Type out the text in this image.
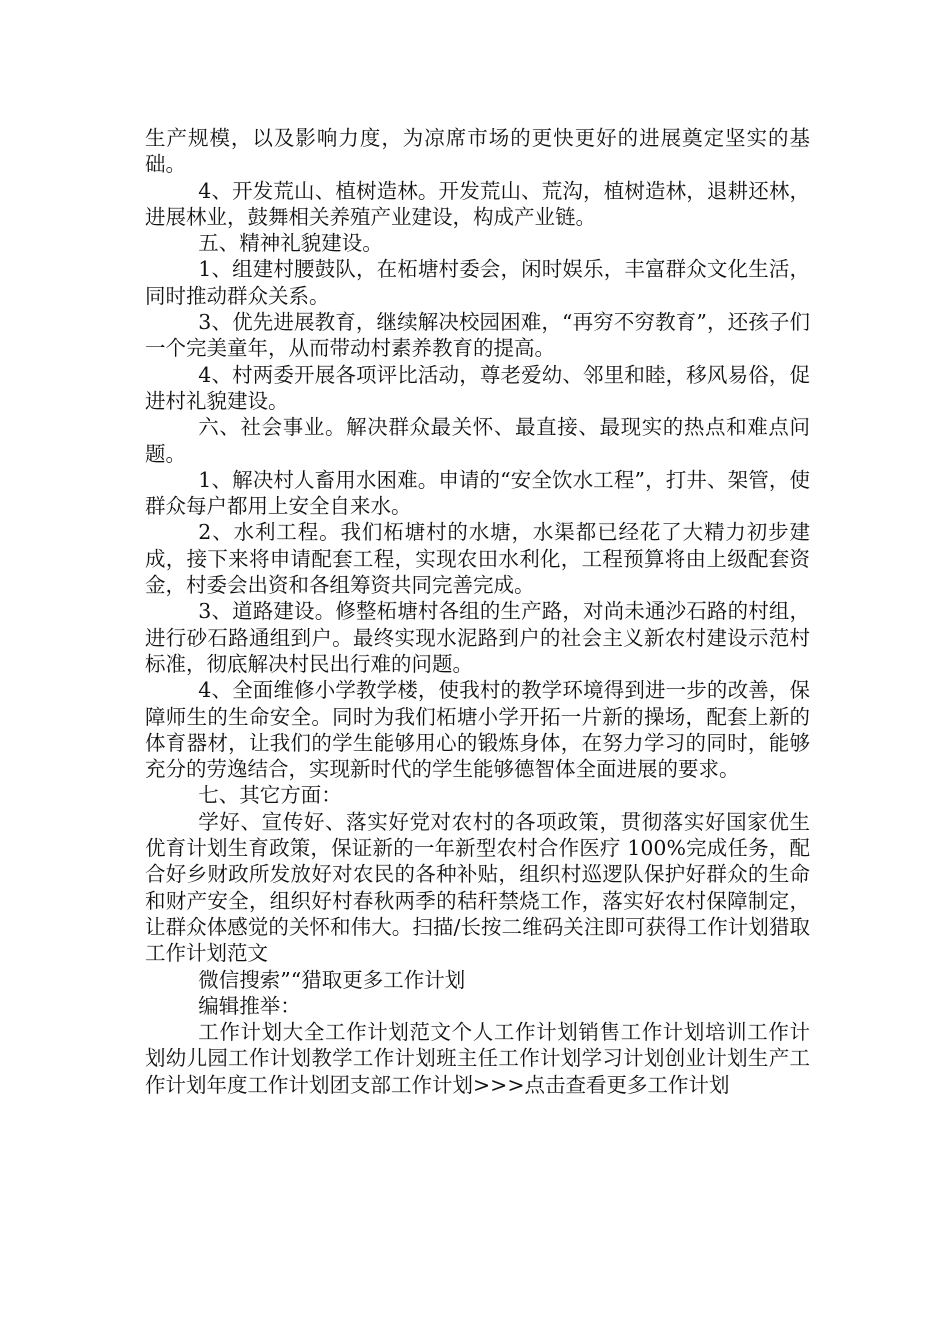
生产规模，以及影响力度，为凉席市场的更快更好的进展奠定坚实的基础。

4、开发荒山、植树造林。开发荒山、荒沟，植树造林，退耕还林，进展林业，鼓舞相关养殖产业建设，构成产业链。

五、精神礼貌建设。

1、组建村腰鼓队，在柘塘村委会，闲时娱乐，丰富群众文化生活，同时推动群众关系。

3、优先进展教育，继续解决校园困难，“再穷不穷教育”，还孩子们一个完美童年，从而带动村素养教育的提高。

4、村两委开展各项评比活动，尊老爱幼、邻里和睦，移风易俗，促进村礼貌建设。

六、社会事业。解决群众最关怀、最直接、最现实的热点和难点问题。

1、解决村人畜用水困难。申请的“安全饮水工程”，打井、架管，使群众每户都用上安全自来水。

2、水利工程。我们柘塘村的水塘，水渠都已经花了大精力初步建成，接下来将申请配套工程，实现农田水利化，工程预算将由上级配套资金，村委会出资和各组筹资共同完善完成。

3、道路建设。修整柘塘村各组的生产路，对尚未通沙石路的村组，进行砂石路通组到户。最终实现水泥路到户的社会主义新农村建设示范村标准，彻底解决村民出行难的问题。

4、全面维修小学教学楼，使我村的教学环境得到进一步的改善，保障师生的生命安全。同时为我们柘塘小学开拓一片新的操场，配套上新的体育器材，让我们的学生能够用心的锻炼身体，在努力学习的同时，能够充分的劳逸结合，实现新时代的学生能够德智体全面进展的要求。

七、其它方面：

学好、宣传好、落实好党对农村的各项政策，贯彻落实好国家优生优育计划生育政策，保证新的一年新型农村合作医疗 100%完成任务，配合好乡财政所发放好对农民的各种补贴，组织村巡逻队保护好群众的生命和财产安全，组织好村春秋两季的秸秆禁烧工作，落实好农村保障制定，让群众体感觉的关怀和伟大。扫描/长按二维码关注即可获得工作计划猎取工作计划范文

微信搜索”“猎取更多工作计划

编辑推举：

工作计划大全工作计划范文个人工作计划销售工作计划培训工作计划幼儿园工作计划教学工作计划班主任工作计划学习计划创业计划生产工作计划年度工作计划团支部工作计划>>>点击查看更多工作计划
